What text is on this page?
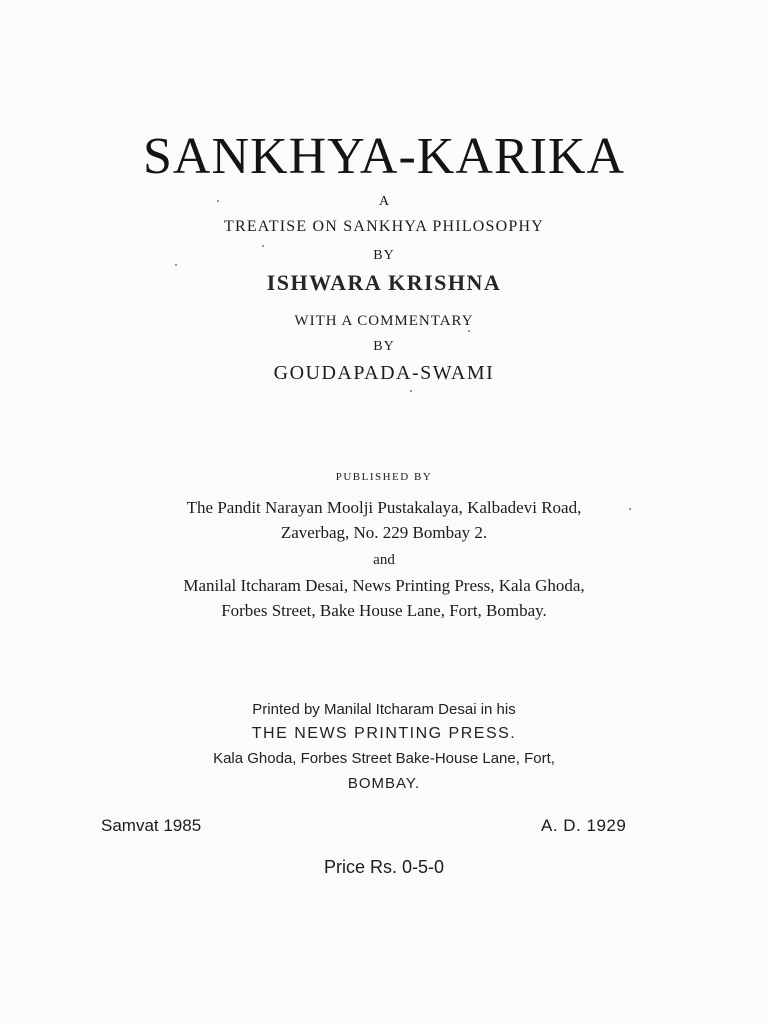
SANKHYA-KARIKA
A
TREATISE ON SANKHYA PHILOSOPHY
BY
ISHWARA KRISHNA
WITH A COMMENTARY
BY
GOUDAPADA-SWAMI
PUBLISHED BY
The Pandit Narayan Moolji Pustakalaya, Kalbadevi Road,
Zaverbag, No. 229 Bombay 2.
and
Manilal Itcharam Desai, News Printing Press, Kala Ghoda,
Forbes Street, Bake House Lane, Fort, Bombay.
Printed by Manilal Itcharam Desai in his
THE NEWS PRINTING PRESS.
Kala Ghoda, Forbes Street Bake-House Lane, Fort,
BOMBAY.
Samvat 1985	A. D. 1929
Price Rs. 0-5-0
